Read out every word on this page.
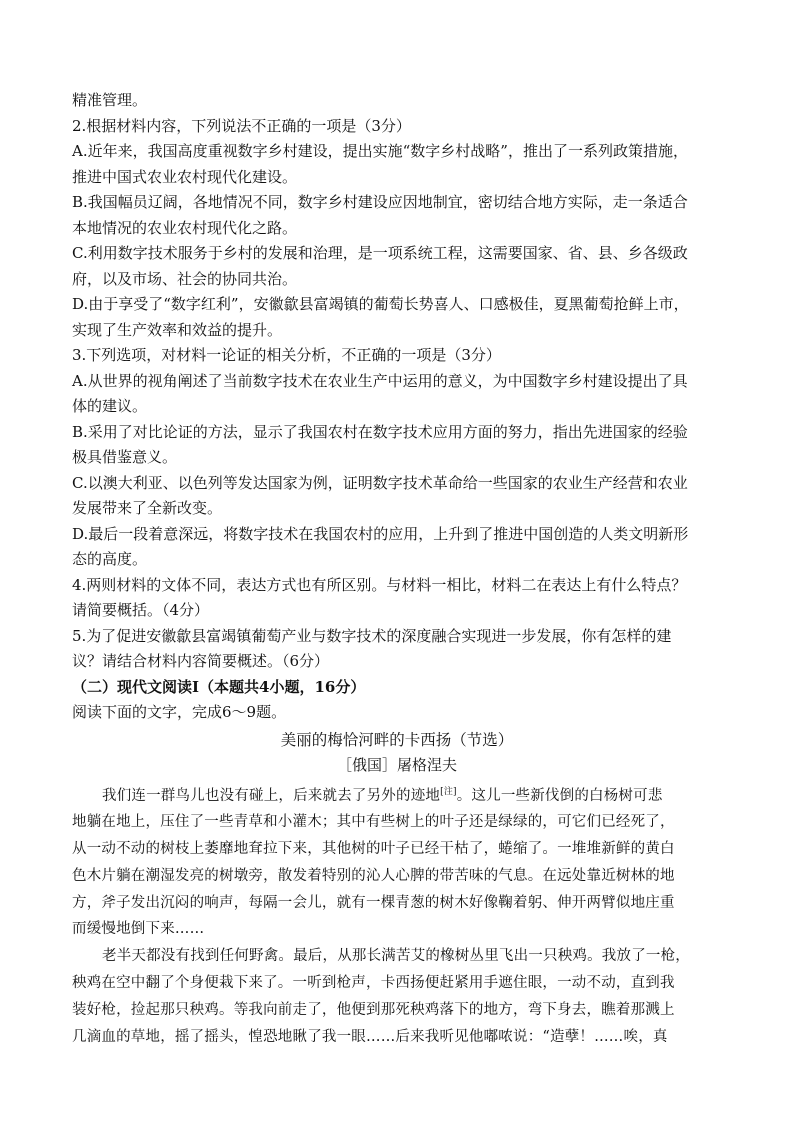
精准管理。

2.根据材料内容，下列说法不正确的一项是（3分）

A.近年来，我国高度重视数字乡村建设，提出实施“数字乡村战略”，推出了一系列政策措施，

推进中国式农业农村现代化建设。

B.我国幅员辽阔，各地情况不同，数字乡村建设应因地制宜，密切结合地方实际，走一条适合

本地情况的农业农村现代化之路。

C.利用数字技术服务于乡村的发展和治理，是一项系统工程，这需要国家、省、县、乡各级政

府，以及市场、社会的协同共治。

D.由于享受了“数字红利”，安徽歙县富竭镇的葡萄长势喜人、口感极佳，夏黑葡萄抢鲜上市，

实现了生产效率和效益的提升。

3.下列选项，对材料一论证的相关分析，不正确的一项是（3分）

A.从世界的视角阐述了当前数字技术在农业生产中运用的意义，为中国数字乡村建设提出了具

体的建议。

B.采用了对比论证的方法，显示了我国农村在数字技术应用方面的努力，指出先进国家的经验

极具借鉴意义。

C.以澳大利亚、以色列等发达国家为例，证明数字技术革命给一些国家的农业生产经营和农业

发展带来了全新改变。

D.最后一段着意深远，将数字技术在我国农村的应用，上升到了推进中国创造的人类文明新形

态的高度。

4.两则材料的文体不同，表达方式也有所区别。与材料一相比，材料二在表达上有什么特点？

请简要概括。（4分）

5.为了促进安徽歙县富竭镇葡萄产业与数字技术的深度融合实现进一步发展，你有怎样的建

议？请结合材料内容简要概述。（6分）

（二）现代文阅读Ⅰ（本题共4小题，16分）

阅读下面的文字，完成6～9题。

美丽的梅恰河畔的卡西扬（节选）

［俄国］屠格涅夫

我们连一群鸟儿也没有碰上，后来就去了另外的迹地[注]。这儿一些新伐倒的白杨树可悲

地躺在地上，压住了一些青草和小灌木；其中有些树上的叶子还是绿绿的，可它们已经死了，

从一动不动的树枝上萎靡地耷拉下来，其他树的叶子已经干枯了，蜷缩了。一堆堆新鲜的黄白

色木片躺在潮湿发亮的树墩旁，散发着特别的沁人心脾的带苦味的气息。在远处靠近树林的地

方，斧子发出沉闷的响声，每隔一会儿，就有一棵青葱的树木好像鞠着躬、伸开两臂似地庄重

而缓慢地倒下来……

老半天都没有找到任何野禽。最后，从那长满苦艾的橡树丛里飞出一只秧鸡。我放了一枪，

秧鸡在空中翻了个身便栽下来了。一听到枪声，卡西扬便赶紧用手遮住眼，一动不动，直到我

装好枪，捡起那只秧鸡。等我向前走了，他便到那死秧鸡落下的地方，弯下身去，瞧着那溅上

几滴血的草地，摇了摇头，惶恐地瞅了我一眼……后来我听见他嘟哝说：“造孽！……唉，真
